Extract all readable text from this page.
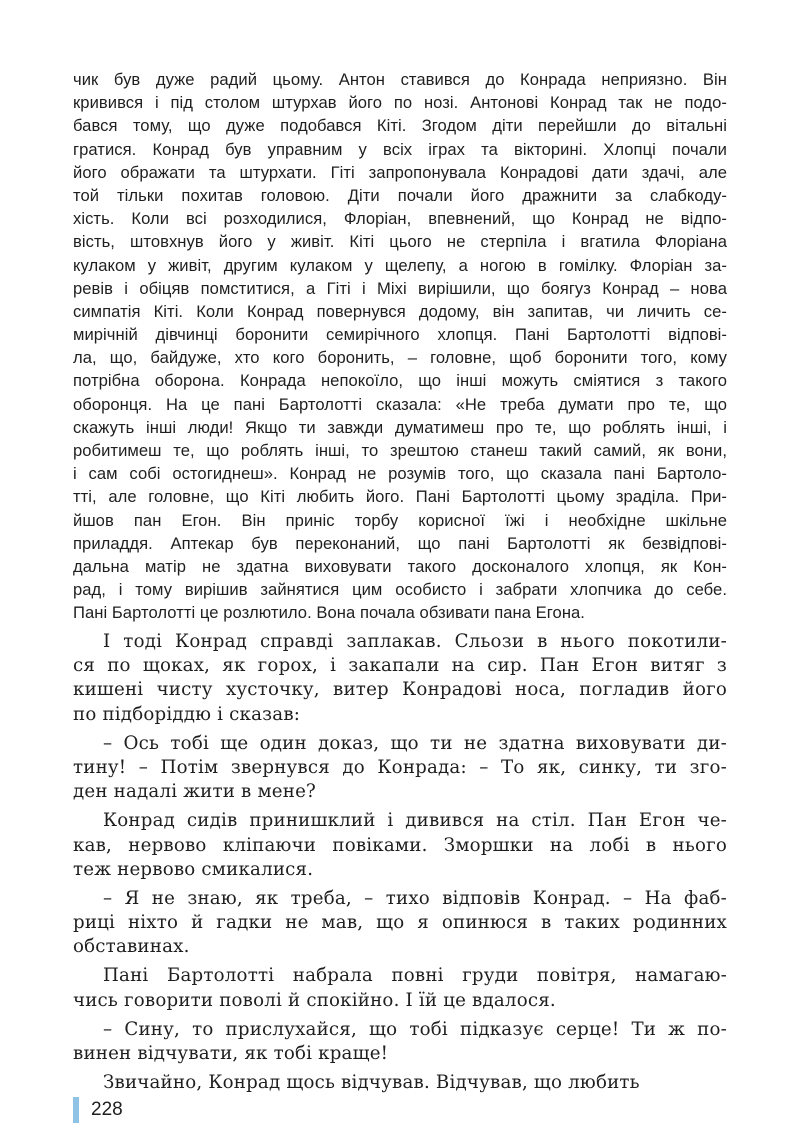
чик був дуже радий цьому. Антон ставився до Конрада неприязно. Він
кривився і під столом штурхав його по нозі. Антонові Конрад так не подо-
бався тому, що дуже подобався Кіті. Згодом діти перейшли до вітальні
гратися. Конрад був управним у всіх іграх та вікторині. Хлопці почали
його ображати та штурхати. Гіті запропонувала Конрадові дати здачі, але
той тільки похитав головою. Діти почали його дражнити за слабкоду-
хість. Коли всі розходилися, Флоріан, впевнений, що Конрад не відпо-
вість, штовхнув його у живіт. Кіті цього не стерпіла і вгатила Флоріана
кулаком у живіт, другим кулаком у щелепу, а ногою в гомілку. Флоріан за-
ревів і обіцяв помститися, а Гіті і Міхі вирішили, що боягуз Конрад – нова
симпатія Кіті. Коли Конрад повернувся додому, він запитав, чи личить се-
мирічній дівчинці боронити семирічного хлопця. Пані Бартолотті відпові-
ла, що, байдуже, хто кого боронить, – головне, щоб боронити того, кому
потрібна оборона. Конрада непокоїло, що інші можуть сміятися з такого
оборонця. На це пані Бартолотті сказала: «Не треба думати про те, що
скажуть інші люди! Якщо ти завжди думатимеш про те, що роблять інші, і
робитимеш те, що роблять інші, то зрештою станеш такий самий, як вони,
і сам собі остогиднеш». Конрад не розумів того, що сказала пані Бартоло-
тті, але головне, що Кіті любить його. Пані Бартолотті цьому зраділа. При-
йшов пан Егон. Він приніс торбу корисної їжі і необхідне шкільне
приладдя. Аптекар був переконаний, що пані Бартолотті як безвідпові-
дальна матір не здатна виховувати такого досконалого хлопця, як Кон-
рад, і тому вирішив зайнятися цим особисто і забрати хлопчика до себе.
Пані Бартолотті це розлютило. Вона почала обзивати пана Егона.
І тоді Конрад справді заплакав. Сльози в нього покотили-
ся по щоках, як горох, і закапали на сир. Пан Егон витяг з
кишені чисту хусточку, витер Конрадові носа, погладив його
по підборіддю і сказав:
– Ось тобі ще один доказ, що ти не здатна виховувати ди-
тину! – Потім звернувся до Конрада: – То як, синку, ти зго-
ден надалі жити в мене?
Конрад сидів принишклий і дивився на стіл. Пан Егон че-
кав, нервово кліпаючи повіками. Зморшки на лобі в нього
теж нервово смикалися.
– Я не знаю, як треба, – тихо відповів Конрад. – На фаб-
риці ніхто й гадки не мав, що я опинюся в таких родинних
обставинах.
Пані Бартолотті набрала повні груди повітря, намагаю-
чись говорити повoлі й спокійно. І їй це вдалося.
– Сину, то прислухайся, що тобі підказує серце! Ти ж по-
винен відчувати, як тобі краще!
Звичайно, Конрад щось відчував. Відчував, що любить
228
